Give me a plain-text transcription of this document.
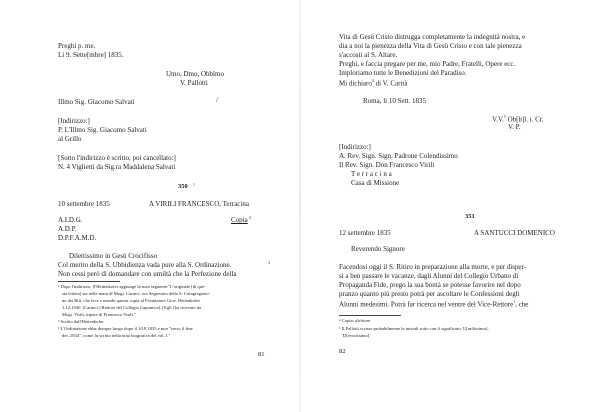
Preghi p. me.
Li 9. Sette[mbre] 1835.
Umo, Dmo, Obblmo
V. Pallotti
Illmo Sig. Giacomo Salvati	/
[Indirizzo:]
P. L'Illmo Sig. Giacomo Salvati
al Grillo
[Sotto l'indirizzo è scritto, poi cancellato:]
N. 4 Viglietti da Sig.ra Maddalena Salvati
350 1
10 settembre 1835	A VIRILI FRANCESCO, Terracina
A.I.D.G.	Copia 2
A.D.P.
D.P.F.A.M.D.
Dilettissimo in Gesù Crocifisso
Col merito della S. Ubbidienza vada pure alla S. Ordinazione.	3
Non cessi però di domandare con umiltà che la Perfezione della
¹ Dopo l'indirizzo, [l'Hettenkofer aggiunge la nota seguente:"L'originale [di que-
sta lettera] sta nelle mani di Mogr. Carinci, ora Segretario della S. Coingregazio-
ne dei Riti, che fece e mandò questa copia al Postulatore Giov. Hettenkofer
1.12.1940. [Carinci:] Rettore del Collegio Capranica[.] Egli l'ha ricevuto da
Mogr. Virili, nipote di Francesco Virili."
² Scritto dall'Hettenkofer.
³ L'Ordinazione ebbe dunque luogo dopo il 10.9.1835 e non "verso il fine
del..1834", come fu scritto nella nota biografica del vol. I."
81
Vita di Gesù Cristo distrugga completamente la indegnità nostra, e
dia a noi la pienezza della Vita di Gesù Cristo e con tale pienezza
s'accosti al S. Altare.
Preghi, e faccia pregare per me, mio Padre, Fratelli, Opere ecc.
Imploriamo tutte le Benedizioni del Paradiso.
Mi dichiaro$^4$ di V. Carità
Roma, li 10 Sett. 1835
V.V.$^5$ Ob[b]l. i. Cr.
V. P.
[Indirizzo:]
A. Rev. Sign. Sign. Padrone Colendissimo
Il Rev. Sign. Don Francesco Virili
T e r r a c i n a
Casa di Missione
351
12 settembre 1835	A SANTUCCI DOMENICO
Reverendo Signore
Facendosi oggi il S. Ritiro in preparazione alla morte, e per disper-
si a ben passare le vacanze, dagli Alunni del Collegio Urbano di
Propaganda Fide, prego la sua bontà se potesse favorire nel dopo
pranzo quanto più presto potrà per ascoltare le Confessioni degli
Alunni medesimi. Potrà far ricerca nel ventre del Vice-Rettore$^1$, che
⁴ Copia: dichiam
⁵ Il Pallotti scrisse probabilmente le iniziali sotto con il significato: U[milissimo],
D[evotissimo].
82
